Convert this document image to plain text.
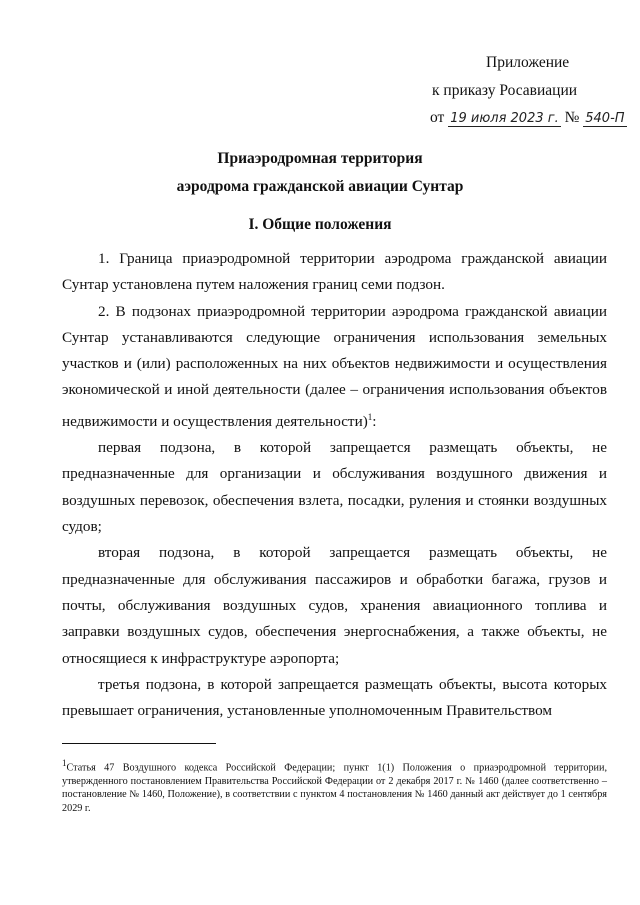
Приложение
к приказу Росавиации
от 19 июля 2023 г. № 540-П
Приаэродромная территория
аэродрома гражданской авиации Сунтар
I. Общие положения

1. Граница приаэродромной территории аэродрома гражданской авиации Сунтар установлена путем наложения границ семи подзон.

2. В подзонах приаэродромной территории аэродрома гражданской авиации Сунтар устанавливаются следующие ограничения использования земельных участков и (или) расположенных на них объектов недвижимости и осуществления экономической и иной деятельности (далее – ограничения использования объектов недвижимости и осуществления деятельности)$^1$:

первая подзона, в которой запрещается размещать объекты, не предназначенные для организации и обслуживания воздушного движения и воздушных перевозок, обеспечения взлета, посадки, руления и стоянки воздушных судов;

вторая подзона, в которой запрещается размещать объекты, не предназначенные для обслуживания пассажиров и обработки багажа, грузов и почты, обслуживания воздушных судов, хранения авиационного топлива и заправки воздушных судов, обеспечения энергоснабжения, а также объекты, не относящиеся к инфраструктуре аэропорта;

третья подзона, в которой запрещается размещать объекты, высота которых превышает ограничения, установленные уполномоченным Правительством

$^1$Статья 47 Воздушного кодекса Российской Федерации; пункт 1(1) Положения о приаэродромной территории, утвержденного постановлением Правительства Российской Федерации от 2 декабря 2017 г. № 1460 (далее соответственно – постановление № 1460, Положение), в соответствии с пунктом 4 постановления № 1460 данный акт действует до 1 сентября 2029 г.
